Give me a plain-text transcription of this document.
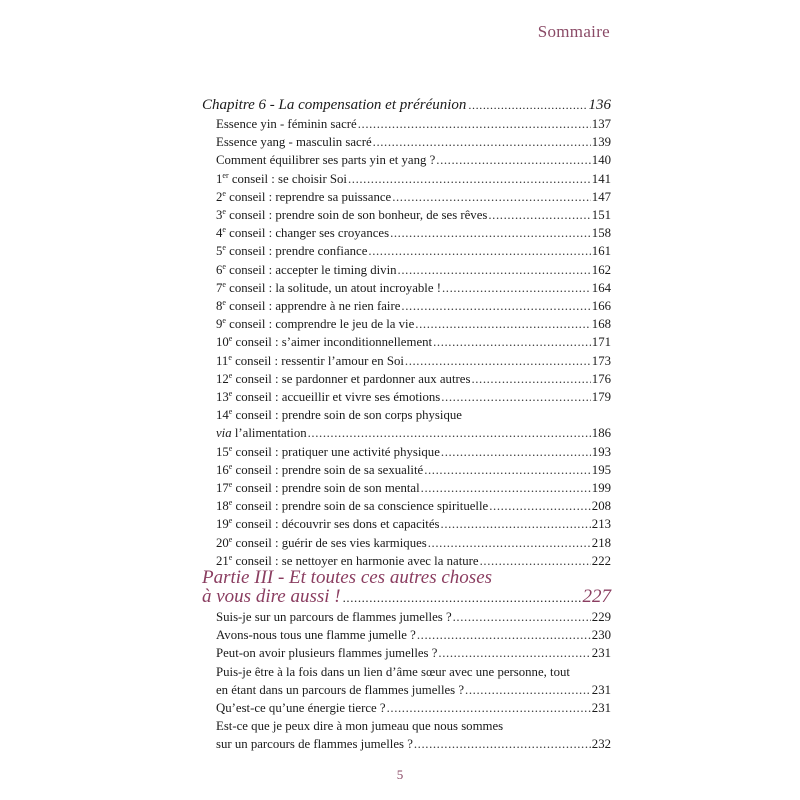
Sommaire
Chapitre 6 - La compensation et préréunion .....	136
Essence yin - féminin sacré .....	137
Essence yang - masculin sacré .....	139
Comment équilibrer ses parts yin et yang ? .....	140
1er conseil : se choisir Soi .....	141
2e conseil : reprendre sa puissance .....	147
3e conseil : prendre soin de son bonheur, de ses rêves .....	151
4e conseil : changer ses croyances .....	158
5e conseil : prendre confiance .....	161
6e conseil : accepter le timing divin .....	162
7e conseil : la solitude, un atout incroyable ! .....	164
8e conseil : apprendre à ne rien faire .....	166
9e conseil : comprendre le jeu de la vie .....	168
10e conseil : s’aimer inconditionnellement .....	171
11e conseil : ressentir l’amour en Soi .....	173
12e conseil : se pardonner et pardonner aux autres .....	176
13e conseil : accueillir et vivre ses émotions .....	179
14e conseil : prendre soin de son corps physique
via l’alimentation .....	186
15e conseil : pratiquer une activité physique .....	193
16e conseil : prendre soin de sa sexualité .....	195
17e conseil : prendre soin de son mental .....	199
18e conseil : prendre soin de sa conscience spirituelle .....	208
19e conseil : découvrir ses dons et capacités .....	213
20e conseil : guérir de ses vies karmiques .....	218
21e conseil : se nettoyer en harmonie avec la nature .....	222
Partie III - Et toutes ces autres choses
à vous dire aussi ! .....	227
Suis-je sur un parcours de flammes jumelles ? .....	229
Avons-nous tous une flamme jumelle ? .....	230
Peut-on avoir plusieurs flammes jumelles ? .....	231
Puis-je être à la fois dans un lien d’âme sœur avec une personne, tout
en étant dans un parcours de flammes jumelles ? .....	231
Qu’est-ce qu’une énergie tierce ? .....	231
Est-ce que je peux dire à mon jumeau que nous sommes
sur un parcours de flammes jumelles ? .....	232
5
